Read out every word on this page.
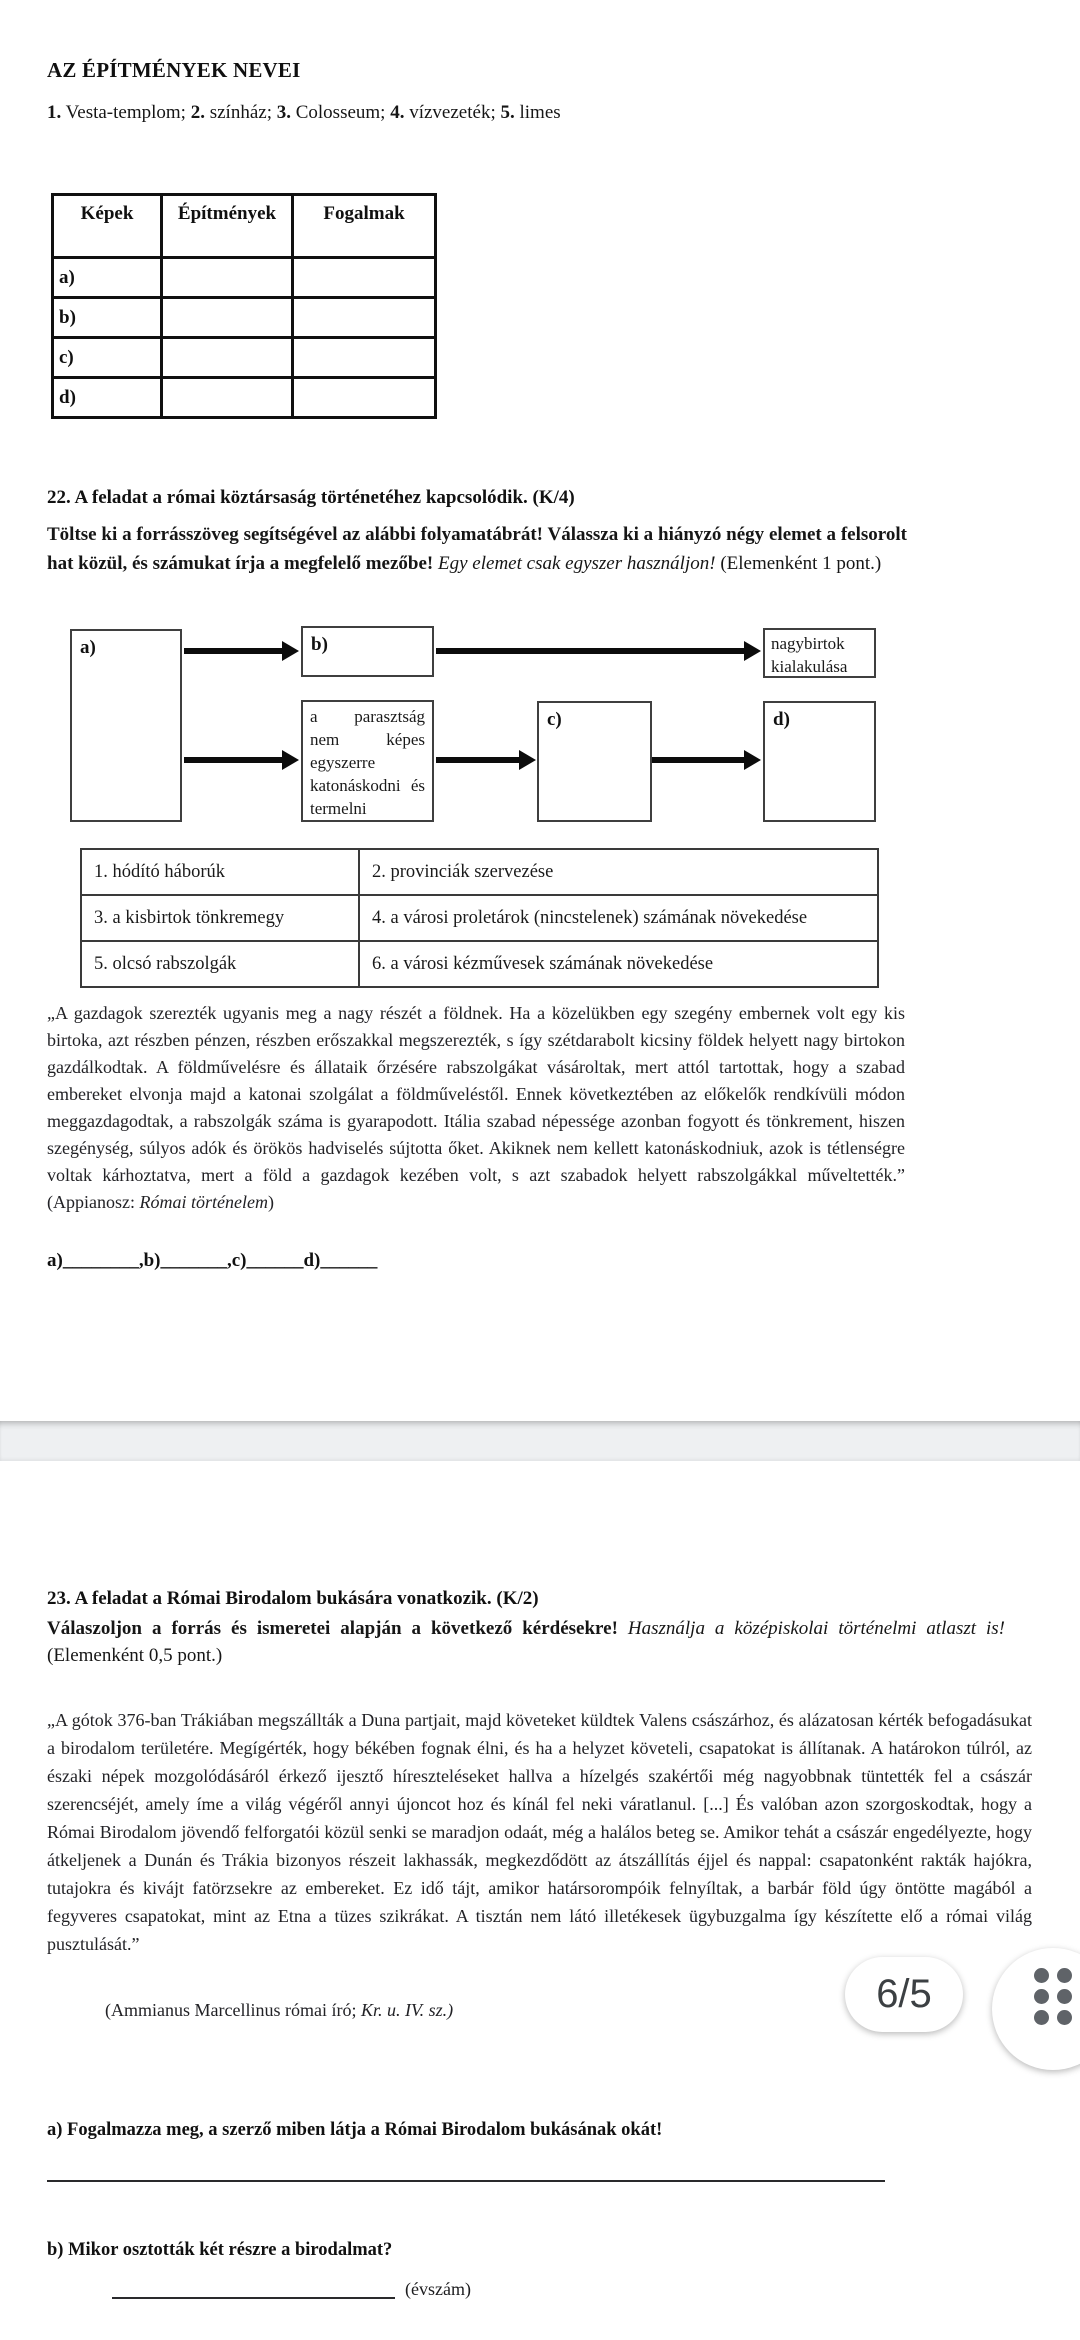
AZ ÉPÍTMÉNYEK NEVEI
1. Vesta-templom; 2. színház; 3. Colosseum; 4. vízvezeték; 5. limes
Képek	Építmények	Fogalmak
a)		
b)		
c)		
d)		
22. A feladat a római köztársaság történetéhez kapcsolódik. (K/4)
Töltse ki a forrásszöveg segítségével az alábbi folyamatábrát! Válassza ki a hiányzó négy elemet a felsorolt hat közül, és számukat írja a megfelelő mezőbe! Egy elemet csak egyszer használjon! (Elemenként 1 pont.)
a)	b)
a parasztság nem képes egyszerre katonáskodni és termelni
c)	d)
nagybirtok kialakulása
1. hódító háborúk	2. provinciák szervezése
3. a kisbirtok tönkremegy	4. a városi proletárok (nincstelenek) számának növekedése
5. olcsó rabszolgák	6. a városi kézművesek számának növekedése
„A gazdagok szerezték ugyanis meg a nagy részét a földnek. Ha a közelükben egy szegény embernek volt egy kis birtoka, azt részben pénzen, részben erőszakkal megszerezték, s így szétdarabolt kicsiny földek helyett nagy birtokon gazdálkodtak. A földművelésre és állataik őrzésére rabszolgákat vásároltak, mert attól tartottak, hogy a szabad embereket elvonja majd a katonai szolgálat a földműveléstől. Ennek következtében az előkelők rendkívüli módon meggazdagodtak, a rabszolgák száma is gyarapodott. Itália szabad népessége azonban fogyott és tönkrement, hiszen szegénység, súlyos adók és örökös hadviselés sújtotta őket. Akiknek nem kellett katonáskodniuk, azok is tétlenségre voltak kárhoztatva, mert a föld a gazdagok kezében volt, s azt szabadok helyett rabszolgákkal műveltették.” (Appianosz: Római történelem)
a)________,b)_______,c)______d)______
23. A feladat a Római Birodalom bukására vonatkozik. (K/2)
Válaszoljon a forrás és ismeretei alapján a következő kérdésekre! Használja a középiskolai történelmi atlaszt is! (Elemenként 0,5 pont.)
„A gótok 376-ban Trákiában megszállták a Duna partjait, majd követeket küldtek Valens császárhoz, és alázatosan kérték befogadásukat a birodalom területére. Megígérték, hogy békében fognak élni, és ha a helyzet követeli, csapatokat is állítanak. A határokon túlról, az északi népek mozgolódásáról érkező ijesztő híreszteléseket hallva a hízelgés szakértői még nagyobbnak tüntették fel a császár szerencséjét, amely íme a világ végéről annyi újoncot hoz és kínál fel neki váratlanul. [...] És valóban azon szorgoskodtak, hogy a Római Birodalom jövendő felforgatói közül senki se maradjon odaát, még a halálos beteg se. Amikor tehát a császár engedélyezte, hogy átkeljenek a Dunán és Trákia bizonyos részeit lakhassák, megkezdődött az átszállítás éjjel és nappal: csapatonként rakták hajókra, tutajokra és kivájt fatörzsekre az embereket. Ez idő tájt, amikor határsorompóik felnyíltak, a barbár föld úgy öntötte magából a fegyveres csapatokat, mint az Etna a tüzes szikrákat. A tisztán nem látó illetékesek ügybuzgalma így készítette elő a római világ pusztulását.”
(Ammianus Marcellinus római író; Kr. u. IV. sz.)
a) Fogalmazza meg, a szerző miben látja a Római Birodalom bukásának okát!
b) Mikor osztották két részre a birodalmat?
(évszám)
6/5
